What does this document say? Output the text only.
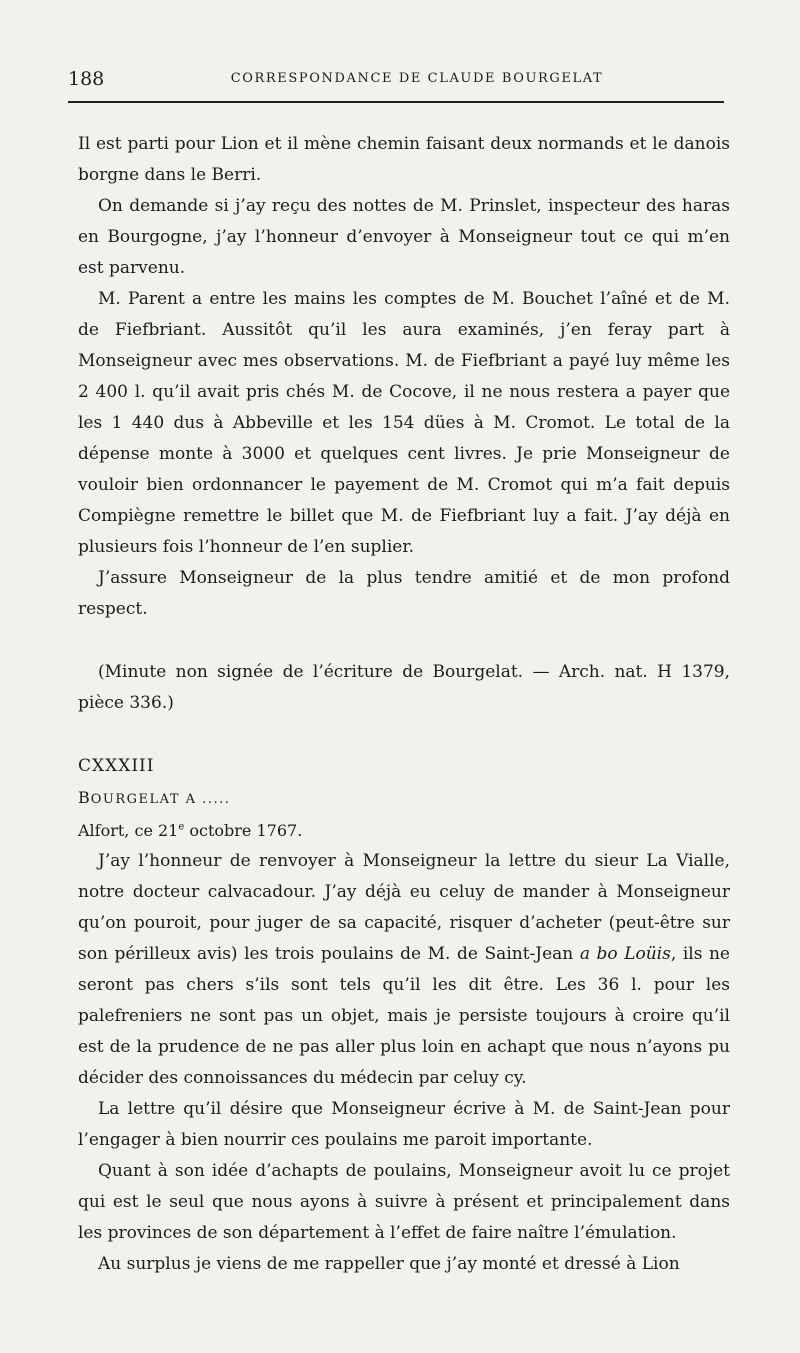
188	CORRESPONDANCE DE CLAUDE BOURGELAT

Il est parti pour Lion et il mène chemin faisant deux normands et le danois borgne dans le Berri.

On demande si j’ay reçu des nottes de M. Prinslet, inspecteur des haras en Bourgogne, j’ay l’honneur d’envoyer à Monseigneur tout ce qui m’en est parvenu.

M. Parent a entre les mains les comptes de M. Bouchet l’aîné et de M. de Fiefbriant. Aussitôt qu’il les aura examinés, j’en feray part à Monseigneur avec mes observations. M. de Fiefbriant a payé luy même les 2 400 l. qu’il avait pris chés M. de Cocove, il ne nous restera a payer que les 1 440 dus à Abbeville et les 154 dües à M. Cromot. Le total de la dépense monte à 3000 et quelques cent livres. Je prie Monseigneur de vouloir bien ordonnancer le payement de M. Cromot qui m’a fait depuis Compiègne remettre le billet que M. de Fiefbriant luy a fait. J’ay déjà en plusieurs fois l’honneur de l’en suplier.

J’assure Monseigneur de la plus tendre amitié et de mon profond respect.

(Minute non signée de l’écriture de Bourgelat. — Arch. nat. H 1379, pièce 336.)

CXXXIII

BOURGELAT A .....

Alfort, ce 21e octobre 1767.

J’ay l’honneur de renvoyer à Monseigneur la lettre du sieur La Vialle, notre docteur calvacadour. J’ay déjà eu celuy de mander à Monseigneur qu’on pouroit, pour juger de sa capacité, risquer d’acheter (peut-être sur son périlleux avis) les trois poulains de M. de Saint-Jean a bo Loüis, ils ne seront pas chers s’ils sont tels qu’il les dit être. Les 36 l. pour les palefreniers ne sont pas un objet, mais je persiste toujours à croire qu’il est de la prudence de ne pas aller plus loin en achapt que nous n’ayons pu décider des connoissances du médecin par celuy cy.

La lettre qu’il désire que Monseigneur écrive à M. de Saint-Jean pour l’engager à bien nourrir ces poulains me paroit importante.

Quant à son idée d’achapts de poulains, Monseigneur avoit lu ce projet qui est le seul que nous ayons à suivre à présent et principalement dans les provinces de son département à l’effet de faire naître l’émulation.

Au surplus je viens de me rappeller que j’ay monté et dressé à Lion
